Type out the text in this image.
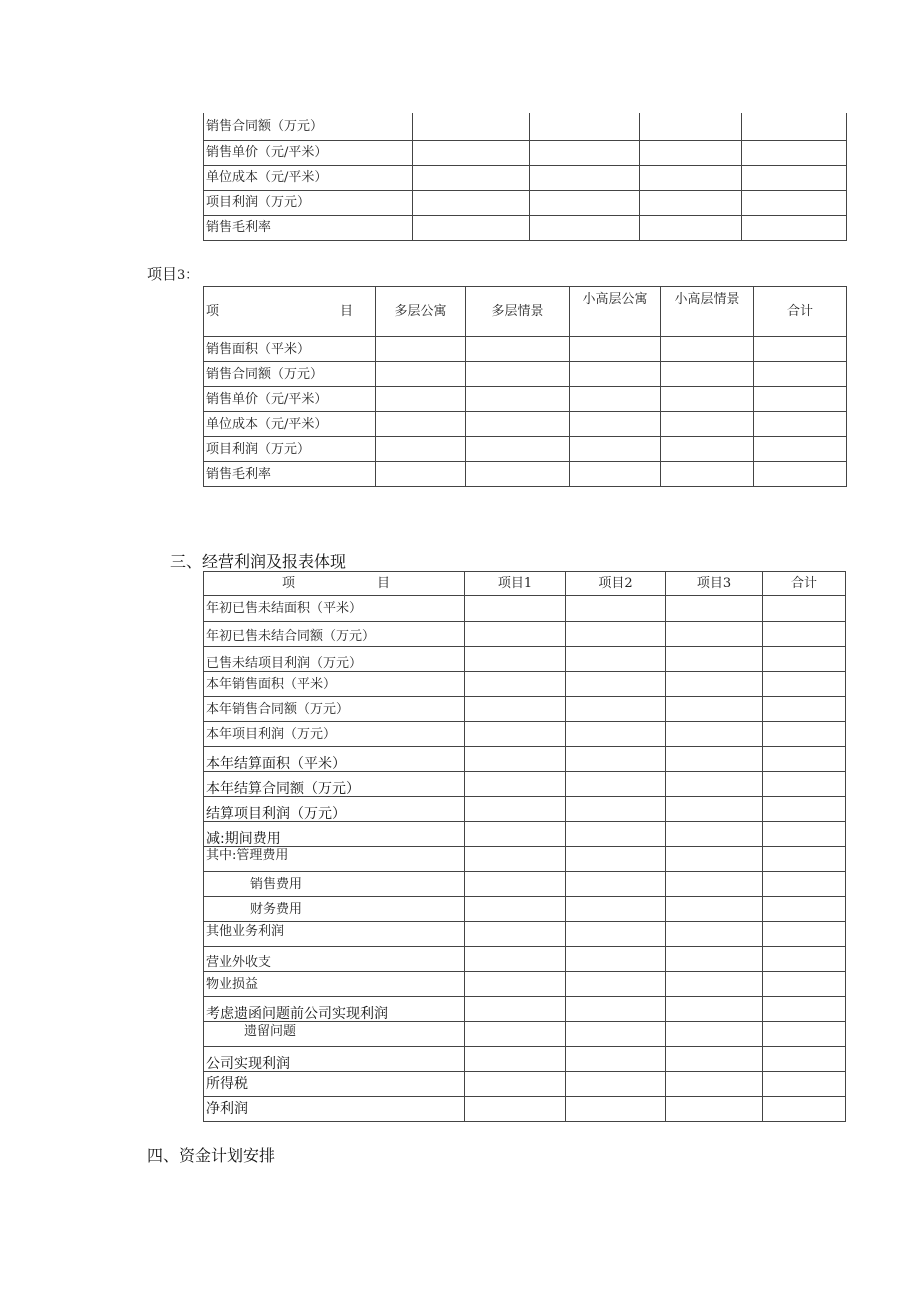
销售合同额（万元）				
销售单价（元/平米）				
单位成本（元/平米）				
项目利润（万元）				
销售毛利率				
项目3：
项 目	多层公寓	多层情景	小高层公寓	小高层情景	合计
销售面积（平米）					
销售合同额（万元）					
销售单价（元/平米）					
单位成本（元/平米）					
项目利润（万元）					
销售毛利率					
三、经营利润及报表体现
项 目	项目1	项目2	项目3	合计
年初已售未结面积（平米）				
年初已售未结合同额（万元）				
已售未结项目利润（万元）				
本年销售面积（平米）				
本年销售合同额（万元）				
本年项目利润（万元）				
本年结算面积（平米）				
本年结算合同额（万元）				
结算项目利润（万元）				
减:期间费用				
其中:管理费用				
销售费用				
财务费用				
其他业务利润				
营业外收支				
物业损益				
考虑遗函问题前公司实现利润				
遗留问题				
公司实现利润				
所得税				
净利润				
四、资金计划安排
